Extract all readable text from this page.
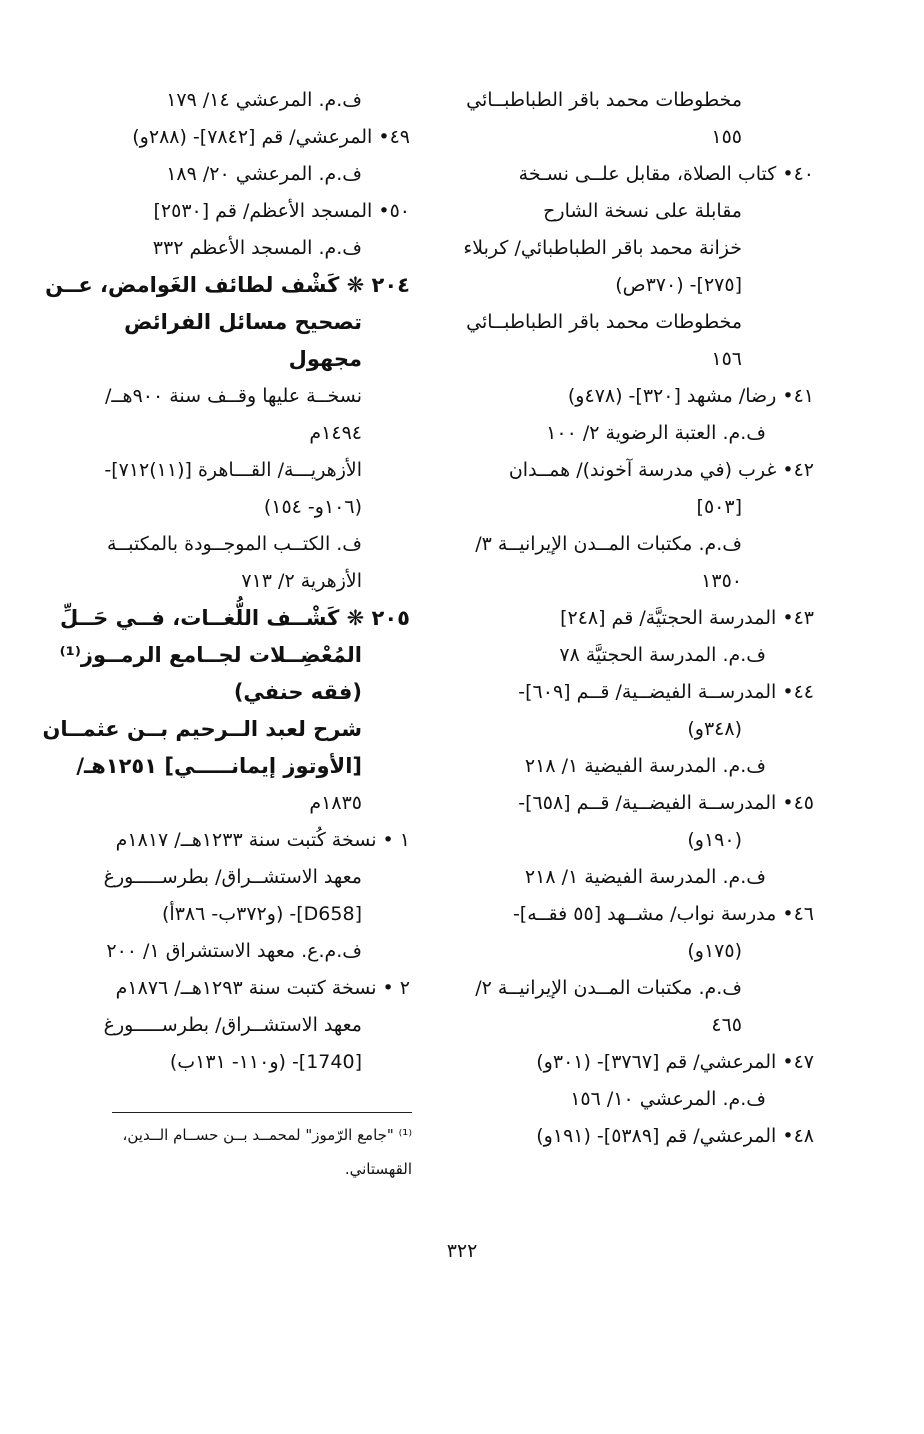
مخطوطات محمد باقر الطباطبــائي
١٥٥
٤٠• كتاب الصلاة، مقابل علــى نسـخة
مقابلة على نسخة الشارح
خزانة محمد باقر الطباطبائي/ كربلاء
[٢٧٥]- (٣٧٠ص)
مخطوطات محمد باقر الطباطبــائي
١٥٦
٤١• رضا/ مشهد [٣٢٠]- (٤٧٨و)
ف.م. العتبة الرضوية ٢/ ١٠٠
٤٢• غرب (في مدرسة آخوند)/ همــدان
[٥٠٣]
ف.م. مكتبات المــدن الإيرانيــة ٣/
١٣٥٠
٤٣• المدرسة الحجتيَّة/ قم [٢٤٨]
ف.م. المدرسة الحجتيَّة ٧٨
٤٤• المدرســة الفيضــية/ قــم [٦٠٩]-
(٣٤٨و)
ف.م. المدرسة الفيضية ١/ ٢١٨
٤٥• المدرســة الفيضــية/ قــم [٦٥٨]-
(١٩٠و)
ف.م. المدرسة الفيضية ١/ ٢١٨
٤٦• مدرسة نواب/ مشــهد [٥٥ فقــه]-
(١٧٥و)
ف.م. مكتبات المــدن الإيرانيــة ٢/
٤٦٥
٤٧• المرعشي/ قم [٣٧٦٧]- (٣٠١و)
ف.م. المرعشي ١٠/ ١٥٦
٤٨• المرعشي/ قم [٥٣٨٩]- (١٩١و)
ف.م. المرعشي ١٤/ ١٧٩
٤٩• المرعشي/ قم [٧٨٤٢]- (٢٨٨و)
ف.م. المرعشي ٢٠/ ١٨٩
٥٠• المسجد الأعظم/ قم [٢٥٣٠]
ف.م. المسجد الأعظم ٣٣٢
٢٠٤ ❋ كَشْف لطائف الغَوامض، عــن
تصحيح مسائل الفرائض
مجهول
نسخــة عليها وقــف سنة ٩٠٠هــ/
١٤٩٤م
الأزهريـــة/ القـــاهرة [(١١)٧١٢]-
(١٠٦و- ١٥٤)
ف. الكتــب الموجــودة بالمكتبــة
الأزهرية ٢/ ٧١٣
٢٠٥ ❋ كَشْــف اللُّغــات، فــي حَــلِّ
المُعْضِــلات لجــامع الرمــوز⁽¹⁾
(فقه حنفي)
شرح لعبد الــرحيم بــن عثمــان
[الأوتوز إيمانـــــي] ١٢٥١هـ/
١٨٣٥م
١ • نسخة كُتبت سنة ١٢٣٣هــ/ ١٨١٧م
معهد الاستشــراق/ بطرســـــورغ
[D658]- (و٣٧٢ب- ٣٨٦أ)
ف.م.ع. معهد الاستشراق ١/ ٢٠٠
٢ • نسخة كتبت سنة ١٢٩٣هــ/ ١٨٧٦م
معهد الاستشــراق/ بطرســـــورغ
[1740]- (و١١٠- ١٣١ب)
⁽¹⁾ "جامع الرّموز" لمحمــد بــن حســام الــدين،
القهستاني.
٣٢٢
